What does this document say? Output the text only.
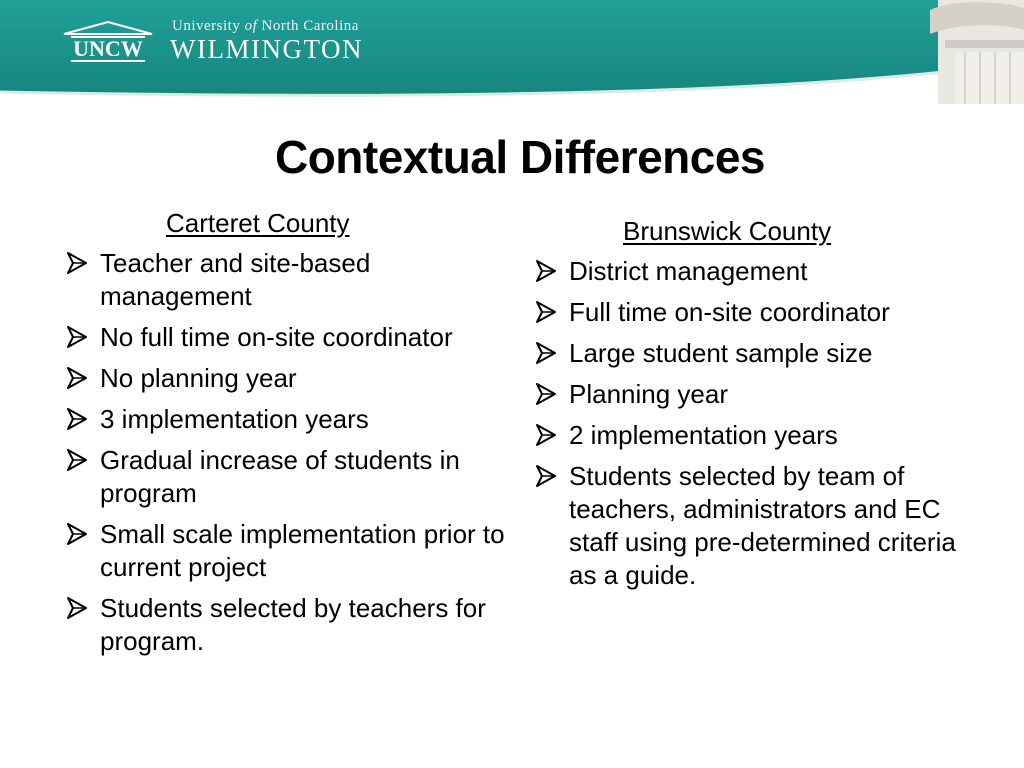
UNCW
University of North Carolina
WILMINGTON
Contextual Differences
Carteret County
Teacher and site-based management
No full time on-site coordinator
No planning year
3 implementation years
Gradual increase of students in program
Small scale implementation prior to current project
Students selected by teachers for program.
Brunswick County
District management
Full time on-site coordinator
Large student sample size
Planning year
2 implementation years
Students selected by team of teachers, administrators and EC staff using pre-determined criteria as a guide.
